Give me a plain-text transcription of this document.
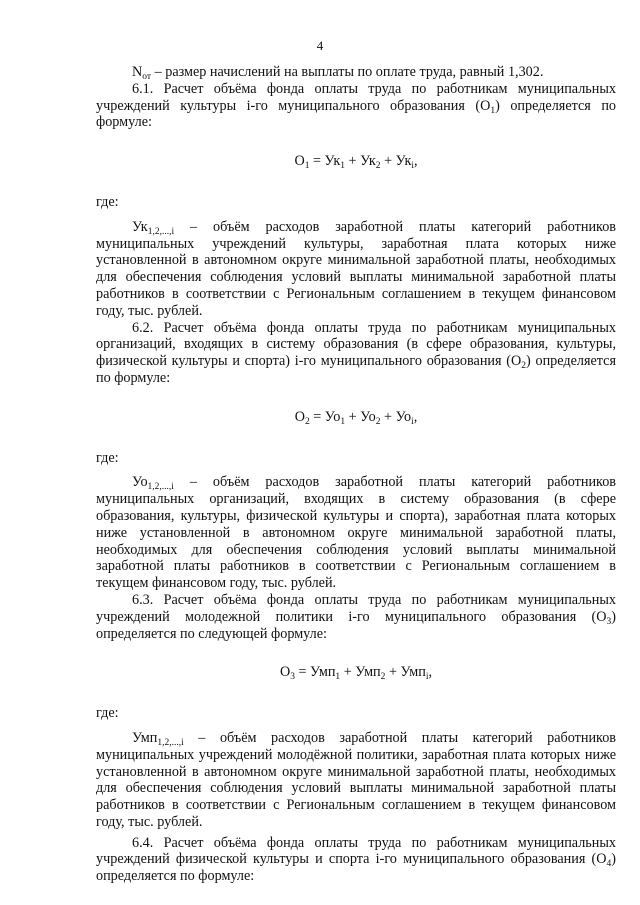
4

$N_{от}$ – размер начислений на выплаты по оплате труда, равный 1,302.

6.1. Расчет объёма фонда оплаты труда по работникам муниципальных учреждений культуры i-го муниципального образования $(O_1)$ определяется по формуле:

$O_1 = Ук_1 + Ук_2 + Ук_i$,

где:

$Ук_{1,2,...,i}$ – объём расходов заработной платы категорий работников муниципальных учреждений культуры, заработная плата которых ниже установленной в автономном округе минимальной заработной платы, необходимых для обеспечения соблюдения условий выплаты минимальной заработной платы работников в соответствии с Региональным соглашением в текущем финансовом году, тыс. рублей.

6.2. Расчет объёма фонда оплаты труда по работникам муниципальных организаций, входящих в систему образования (в сфере образования, культуры, физической культуры и спорта) i-го муниципального образования $(O_2)$ определяется по формуле:

$O_2 = Уо_1 + Уо_2 + Уо_i$,

где:

$Уо_{1,2,...,i}$ – объём расходов заработной платы категорий работников муниципальных организаций, входящих в систему образования (в сфере образования, культуры, физической культуры и спорта), заработная плата которых ниже установленной в автономном округе минимальной заработной платы, необходимых для обеспечения соблюдения условий выплаты минимальной заработной платы работников в соответствии с Региональным соглашением в текущем финансовом году, тыс. рублей.

6.3. Расчет объёма фонда оплаты труда по работникам муниципальных учреждений молодежной политики i-го муниципального образования $(O_3)$ определяется по следующей формуле:

$O_3 = Умп_1 + Умп_2 + Умп_i$,

где:

Умп$_{1,2,...,i}$ – объём расходов заработной платы категорий работников муниципальных учреждений молодёжной политики, заработная плата которых ниже установленной в автономном округе минимальной заработной платы, необходимых для обеспечения соблюдения условий выплаты минимальной заработной платы работников в соответствии с Региональным соглашением в текущем финансовом году, тыс. рублей.

6.4. Расчет объёма фонда оплаты труда по работникам муниципальных учреждений физической культуры и спорта i-го муниципального образования $(O_4)$ определяется по формуле:
